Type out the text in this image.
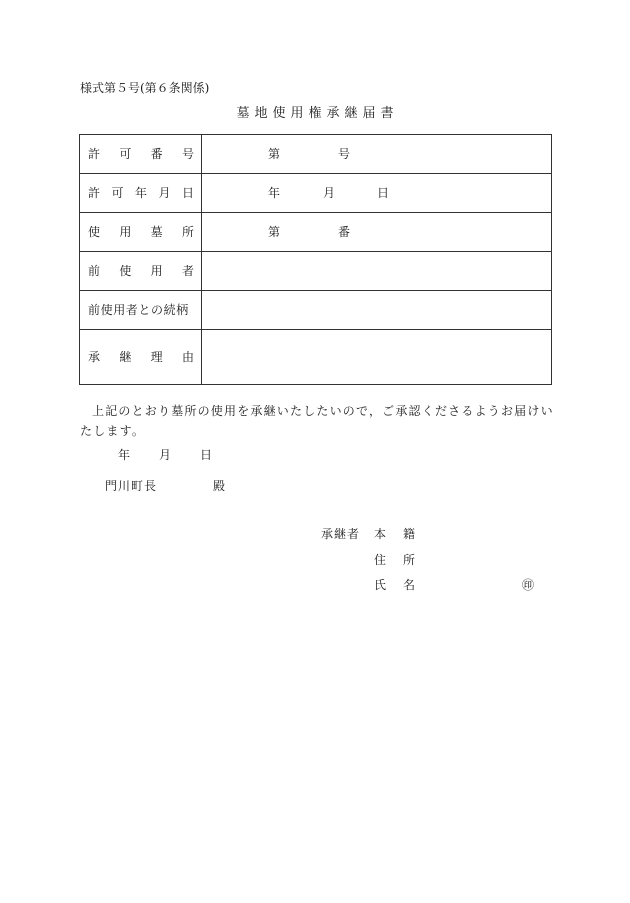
様式第５号(第６条関係)
墓地使用権承継届書
許 可 番 号	第 号

許 可 年 月 日	年 月 日

使 用 墓 所	第 番

前 使 用 者	

前使用者との続柄	

承 継 理 由	

上記のとおり墓所の使用を承継いたしたいので，ご承認くださるようお届けいたします。
年 月 日
門川町長	殿
承継者 本 籍
住 所
氏 名	㊞
